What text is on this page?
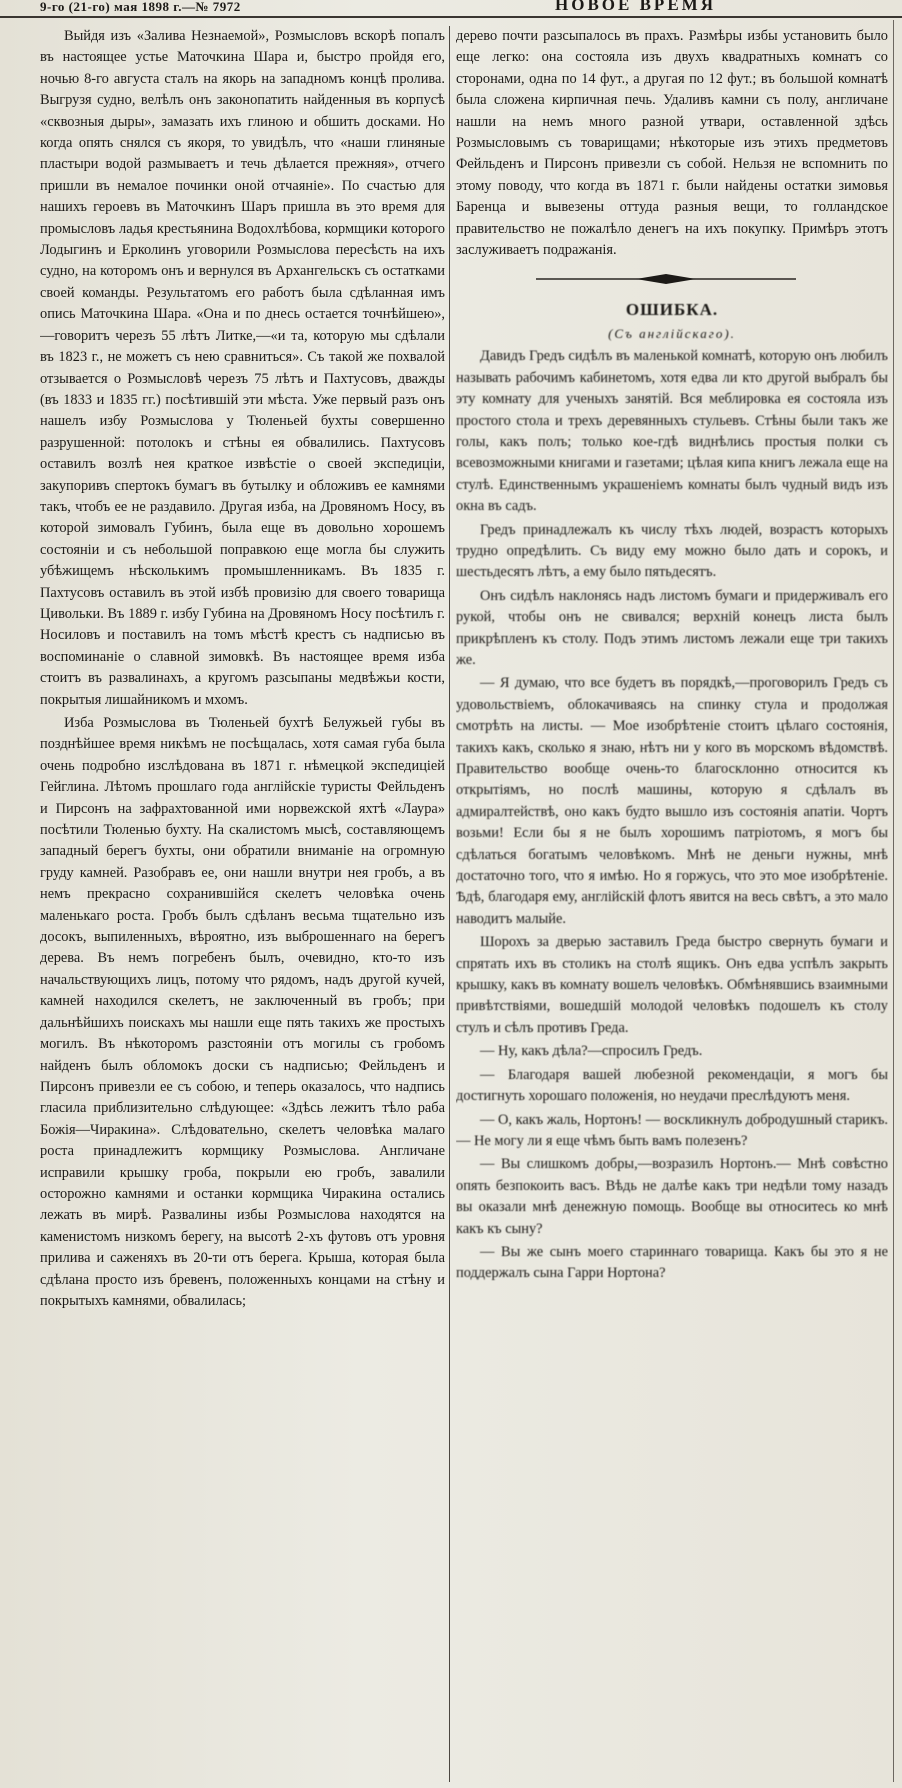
9-го (21-го) мая 1898 г.—№ 7972	НОВОЕ ВРЕМЯ

Выйдя изъ «Залива Незнаемой», Розмысловъ вскорѣ попалъ въ настоящее устье Маточкина Шара и, быстро пройдя его, ночью 8-го августа сталъ на якорь на западномъ концѣ пролива. Выгрузя судно, велѣлъ онъ законопатить найденныя въ корпусѣ «сквозныя дыры», замазать ихъ глиною и обшить досками. Но когда опять снялся съ якоря, то увидѣлъ, что «наши глиняные пластыри водой размываетъ и течь дѣлается прежняя», отчего пришли въ немалое починки оной отчаяніе». По счастью для нашихъ героевъ въ Маточкинъ Шаръ пришла въ это время для промысловъ ладья крестьянина Водохлѣбова, кормщики которого Лодыгинъ и Ерколинъ уговорили Розмыслова пересѣсть на ихъ судно, на которомъ онъ и вернулся въ Архангельскъ съ остатками своей команды. Результатомъ его работъ была сдѣланная имъ опись Маточкина Шара. «Она и по днесь остается точнѣйшею»,—говоритъ черезъ 55 лѣтъ Литке,—«и та, которую мы сдѣлали въ 1823 г., не можетъ съ нею сравниться». Съ такой же похвалой отзывается о Розмысловѣ черезъ 75 лѣтъ и Пахтусовъ, дважды (въ 1833 и 1835 гг.) посѣтившій эти мѣста. Уже первый разъ онъ нашелъ избу Розмыслова у Тюленьей бухты совершенно разрушенной: потолокъ и стѣны ея обвалились. Пахтусовъ оставилъ возлѣ нея краткое извѣстіе о своей экспедиціи, закупоривъ спертокъ бумагъ въ бутылку и обложивъ ее камнями такъ, чтобъ ее не раздавило. Другая изба, на Дровяномъ Носу, въ которой зимовалъ Губинъ, была еще въ довольно хорошемъ состояніи и съ небольшой поправкою еще могла бы служить убѣжищемъ нѣсколькимъ промышленникамъ. Въ 1835 г. Пахтусовъ оставилъ въ этой избѣ провизію для своего товарища Цивольки. Въ 1889 г. избу Губина на Дровяномъ Носу посѣтилъ г. Носиловъ и поставилъ на томъ мѣстѣ крестъ съ надписью въ воспоминаніе о славной зимовкѣ. Въ настоящее время изба стоитъ въ развалинахъ, а кругомъ разсыпаны медвѣжьи кости, покрытыя лишайникомъ и мхомъ.

Изба Розмыслова въ Тюленьей бухтѣ Белужьей губы въ позднѣйшее время никѣмъ не посѣщалась, хотя самая губа была очень подробно изслѣдована въ 1871 г. нѣмецкой экспедиціей Гейглина. Лѣтомъ прошлаго года англійскіе туристы Фейльденъ и Пирсонъ на зафрахтованной ими норвежской яхтѣ «Лаура» посѣтили Тюленью бухту. На скалистомъ мысѣ, составляющемъ западный берегъ бухты, они обратили вниманіе на огромную груду камней. Разобравъ ее, они нашли внутри нея гробъ, а въ немъ прекрасно сохранившійся скелетъ человѣка очень маленькаго роста. Гробъ былъ сдѣланъ весьма тщательно изъ досокъ, выпиленныхъ, вѣроятно, изъ выброшеннаго на берегъ дерева. Въ немъ погребенъ былъ, очевидно, кто-то изъ начальствующихъ лицъ, потому что рядомъ, надъ другой кучей, камней находился скелетъ, не заключенный въ гробъ; при дальнѣйшихъ поискахъ мы нашли еще пять такихъ же простыхъ могилъ. Въ нѣкоторомъ разстояніи отъ могилы съ гробомъ найденъ былъ обломокъ доски съ надписью; Фейльденъ и Пирсонъ привезли ее съ собою, и теперь оказалось, что надпись гласила приблизительно слѣдующее: «Здѣсь лежитъ тѣло раба Божія—Чиракина». Слѣдовательно, скелетъ человѣка малаго роста принадлежитъ кормщику Розмыслова. Англичане исправили крышку гроба, покрыли ею гробъ, завалили осторожно камнями и останки кормщика Чиракина остались лежать въ мирѣ. Развалины избы Розмыслова находятся на каменистомъ низкомъ берегу, на высотѣ 2-хъ футовъ отъ уровня прилива и саженяхъ въ 20-ти отъ берега. Крыша, которая была сдѣлана просто изъ бревенъ, положенныхъ концами на стѣну и покрытыхъ камнями, обвалилась;

дерево почти разсыпалось въ прахъ. Размѣры избы установить было еще легко: она состояла изъ двухъ квадратныхъ комнатъ со сторонами, одна по 14 фут., а другая по 12 фут.; въ большой комнатѣ была сложена кирпичная печь. Удаливъ камни съ полу, англичане нашли на немъ много разной утвари, оставленной здѣсь Розмысловымъ съ товарищами; нѣкоторые изъ этихъ предметовъ Фейльденъ и Пирсонъ привезли съ собой. Нельзя не вспомнить по этому поводу, что когда въ 1871 г. были найдены остатки зимовья Баренца и вывезены оттуда разныя вещи, то голландское правительство не пожалѣло денегъ на ихъ покупку. Примѣръ этотъ заслуживаетъ подражанія.

ОШИБКА.

(Съ англійскаго).

Давидъ Гредъ сидѣлъ въ маленькой комнатѣ, которую онъ любилъ называть рабочимъ кабинетомъ, хотя едва ли кто другой выбралъ бы эту комнату для ученыхъ занятій. Вся меблировка ея состояла изъ простого стола и трехъ деревянныхъ стульевъ. Стѣны были такъ же голы, какъ полъ; только кое-гдѣ виднѣлись простыя полки съ всевозможными книгами и газетами; цѣлая кипа книгъ лежала еще на стулѣ. Единственнымъ украшеніемъ комнаты былъ чудный видъ изъ окна въ садъ.

Гредъ принадлежалъ къ числу тѣхъ людей, возрастъ которыхъ трудно опредѣлить. Съ виду ему можно было дать и сорокъ, и шестьдесятъ лѣтъ, а ему было пятьдесятъ.

Онъ сидѣлъ наклонясь надъ листомъ бумаги и придерживалъ его рукой, чтобы онъ не свивался; верхній конецъ листа былъ прикрѣпленъ къ столу. Подъ этимъ листомъ лежали еще три такихъ же.

— Я думаю, что все будетъ въ порядкѣ,—проговорилъ Гредъ съ удовольствіемъ, облокачиваясь на спинку стула и продолжая смотрѣть на листы. — Мое изобрѣтеніе стоитъ цѣлаго состоянія, такихъ какъ, сколько я знаю, нѣтъ ни у кого въ морскомъ вѣдомствѣ. Правительство вообще очень-то благосклонно относится къ открытіямъ, но послѣ машины, которую я сдѣлалъ въ адмиралтействѣ, оно какъ будто вышло изъ состоянія апатіи. Чортъ возьми! Если бы я не былъ хорошимъ патріотомъ, я могъ бы сдѣлаться богатымъ человѣкомъ. Мнѣ не деньги нужны, мнѣ достаточно того, что я имѣю. Но я горжусь, что это мое изобрѣтеніе. Ѣдѣ, благодаря ему, англійскій флотъ явится на весь свѣтъ, а это мало наводитъ малыйе.

Шорохъ за дверью заставилъ Греда быстро свернуть бумаги и спрятать ихъ въ столикъ на столѣ ящикъ. Онъ едва успѣлъ закрыть крышку, какъ въ комнату вошелъ человѣкъ. Обмѣнявшись взаимными привѣтствіями, вошедшій молодой человѣкъ подошелъ къ столу стулъ и сѣлъ противъ Греда.

— Ну, какъ дѣла?—спросилъ Гредъ.

— Благодаря вашей любезной рекомендаціи, я могъ бы достигнуть хорошаго положенія, но неудачи преслѣдуютъ меня.

— О, какъ жаль, Нортонъ! — воскликнулъ добродушный старикъ. — Не могу ли я еще чѣмъ быть вамъ полезенъ?

— Вы слишкомъ добры,—возразилъ Нортонъ.— Мнѣ совѣстно опять безпокоить васъ. Вѣдь не далѣе какъ три недѣли тому назадъ вы оказали мнѣ денежную помощь. Вообще вы относитесь ко мнѣ какъ къ сыну?

— Вы же сынъ моего стариннаго товарища. Какъ бы это я не поддержалъ сына Гарри Нортона?
